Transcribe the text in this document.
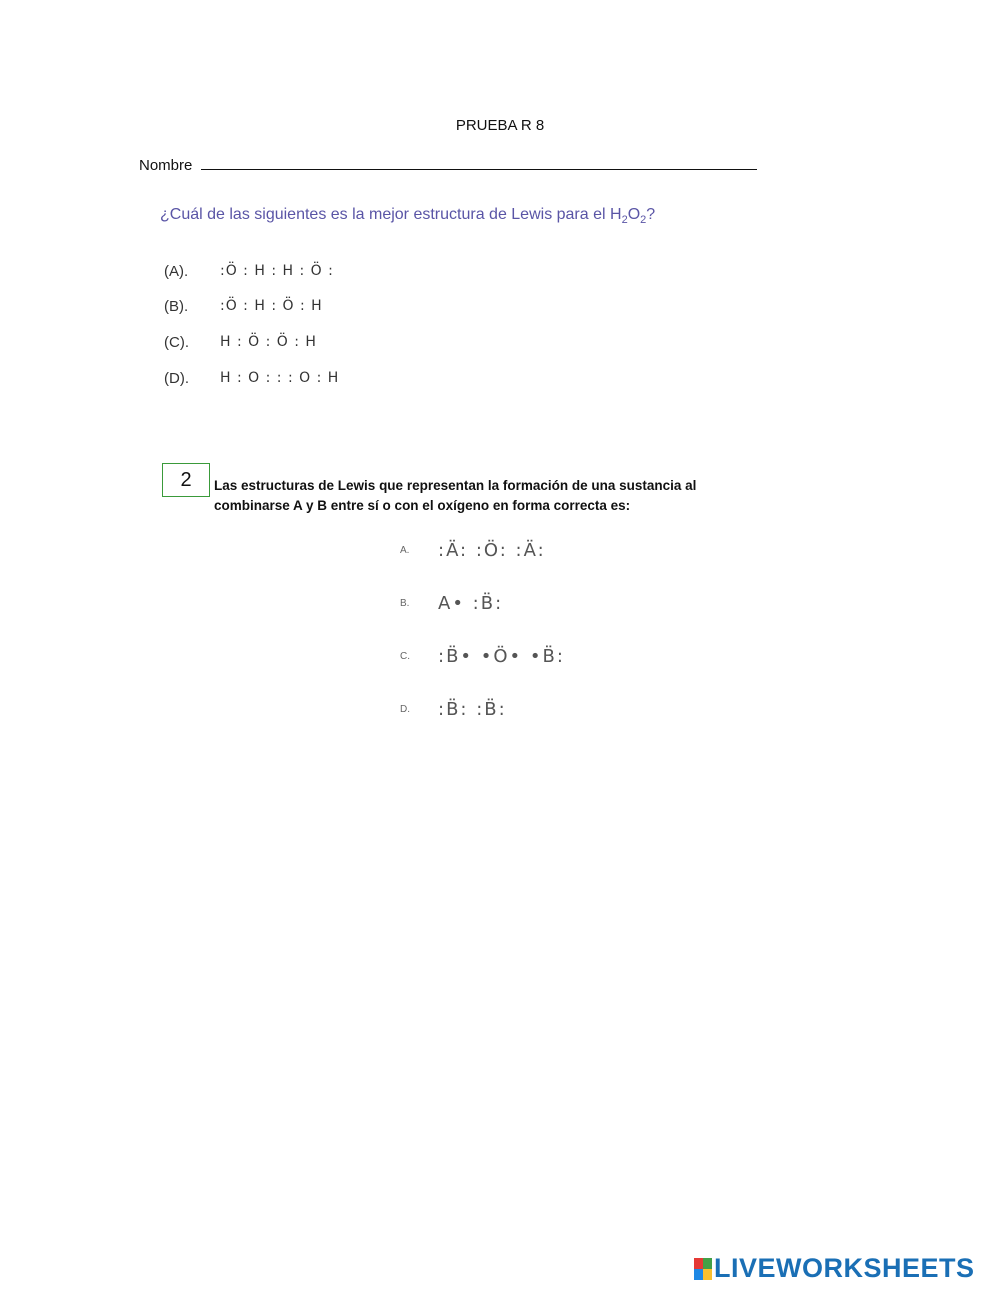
PRUEBA R 8
Nombre
¿Cuál de las siguientes es la mejor estructura de Lewis para el $H_2O_2$?
(A).	:Ö : H : H : Ö :
(B).	:Ö : H : Ö : H
(C).	H : Ö : Ö : H
(D).	H : O : : : O : H
2	Las estructuras de Lewis que representan la formación de una sustancia al combinarse A y B entre sí o con el oxígeno en forma correcta es:
A.	:Ä: :Ö: :Ä:
B.	A• :B̈:
C.	:B̈• •Ö• •B̈:
D.	:B̈: :B̈:
LIVEWORKSHEETS
